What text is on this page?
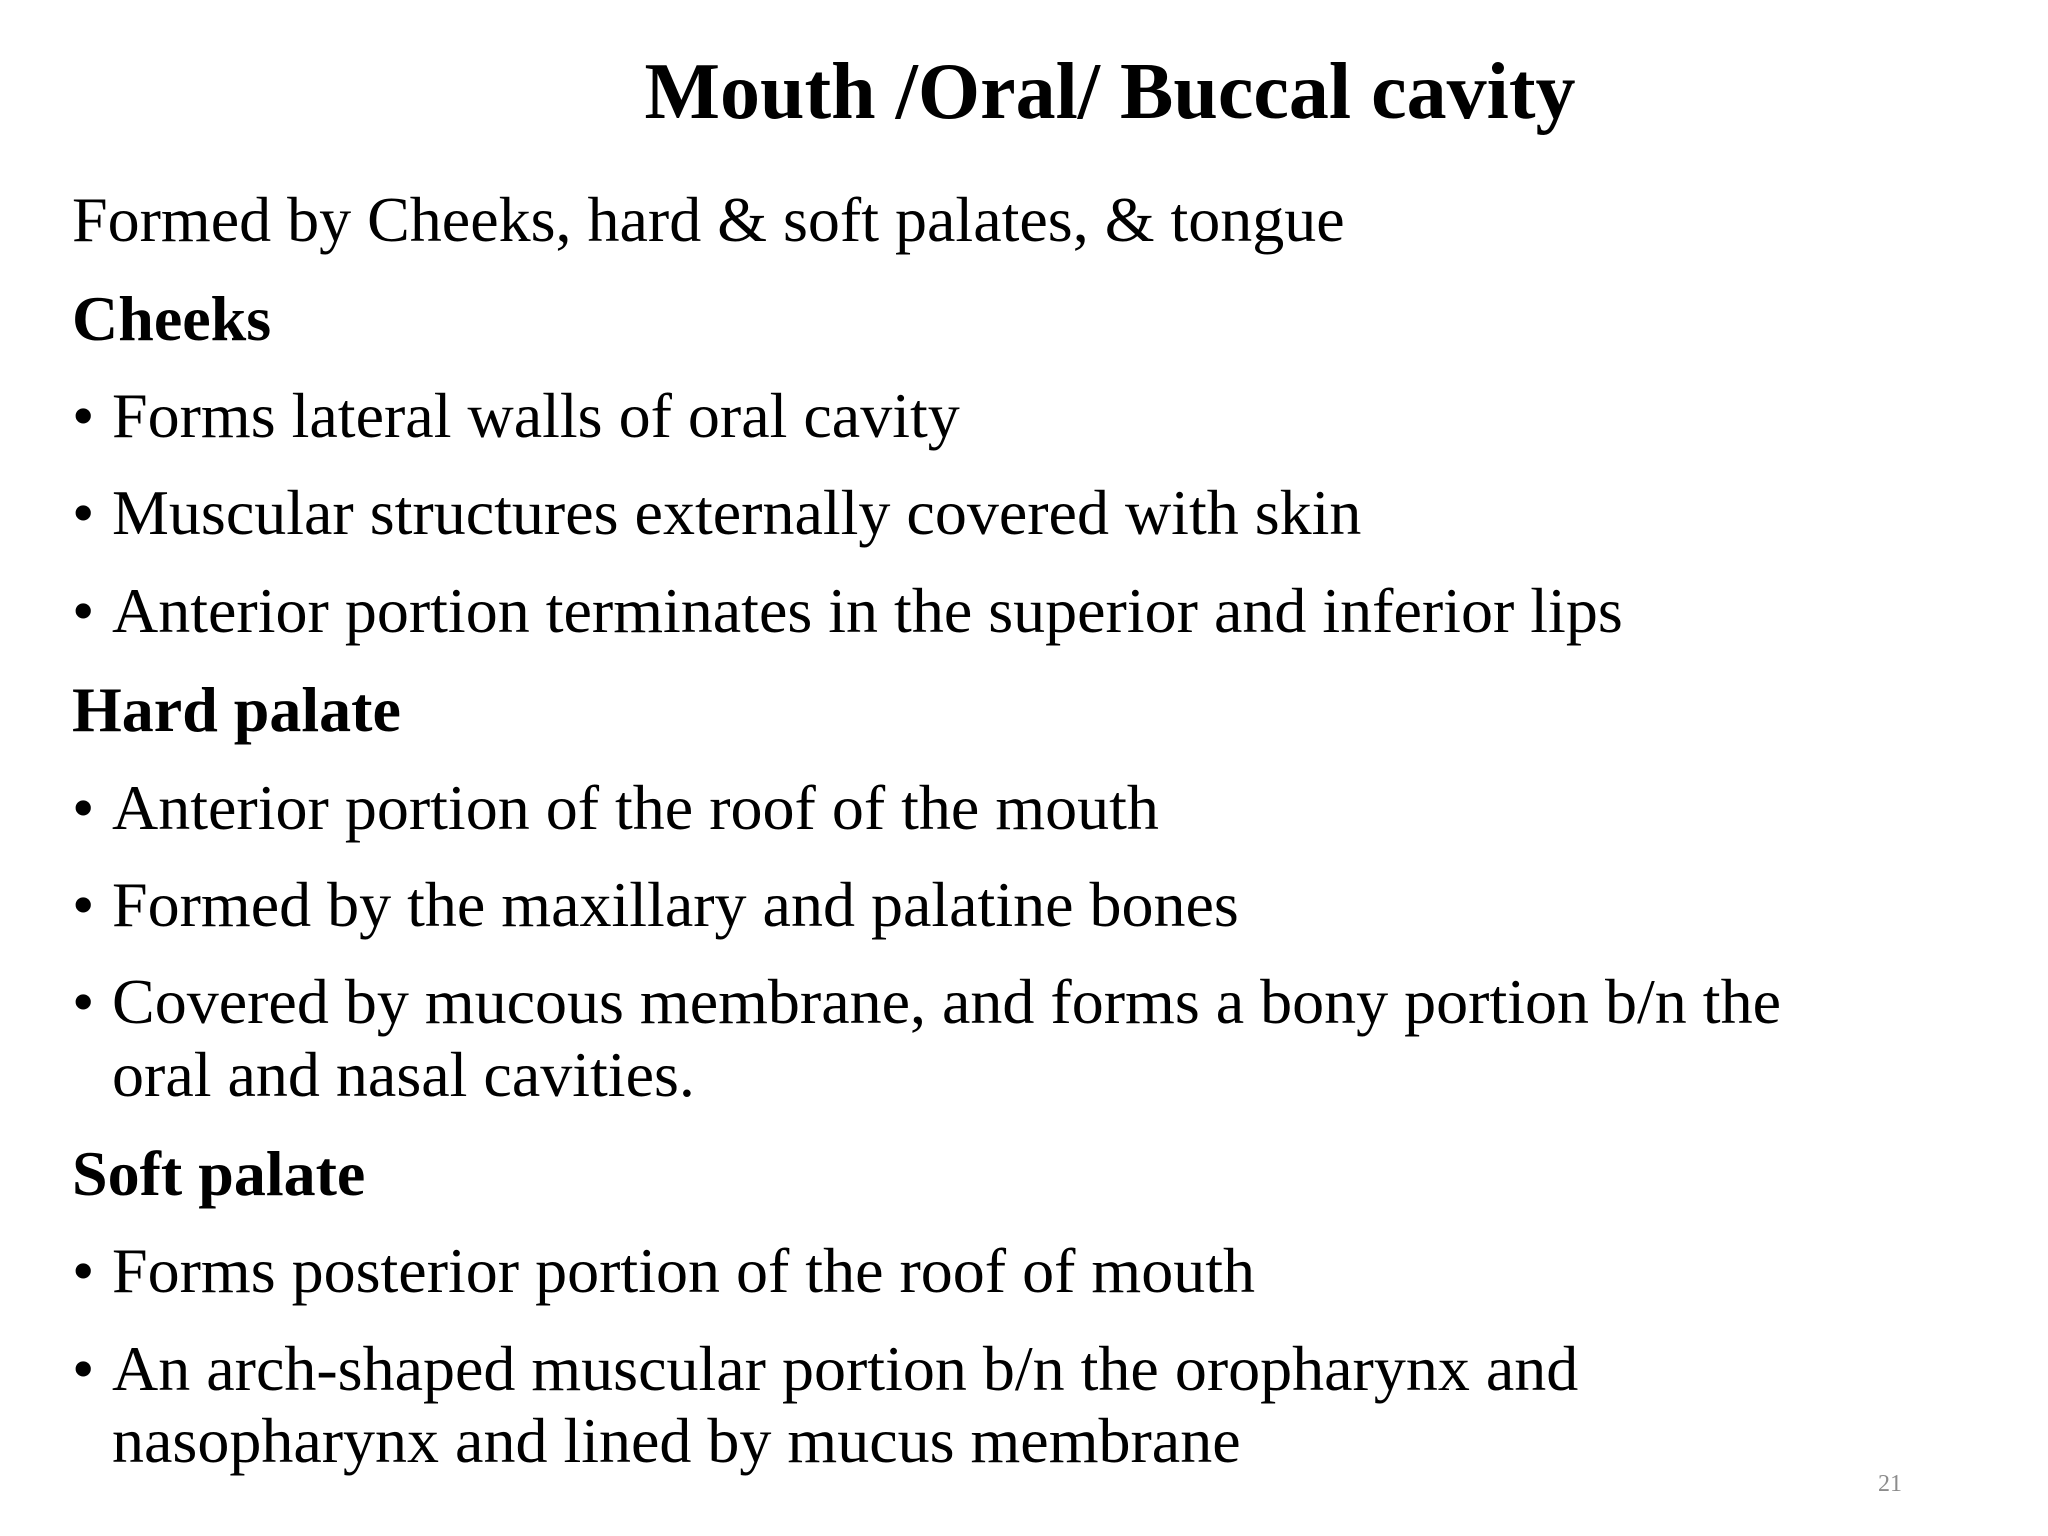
Mouth /Oral/ Buccal cavity
Formed by Cheeks, hard & soft palates, & tongue
Cheeks
• Forms lateral walls of oral cavity
• Muscular structures externally covered with skin
• Anterior portion terminates in the superior and inferior lips
Hard palate
• Anterior portion of the roof of the mouth
• Formed by the maxillary and palatine bones
• Covered by mucous membrane, and forms a bony portion b/n the
oral and nasal cavities.
Soft palate
• Forms posterior portion of the roof of mouth
• An arch-shaped muscular portion b/n the oropharynx and
nasopharynx and lined by mucus membrane
21
